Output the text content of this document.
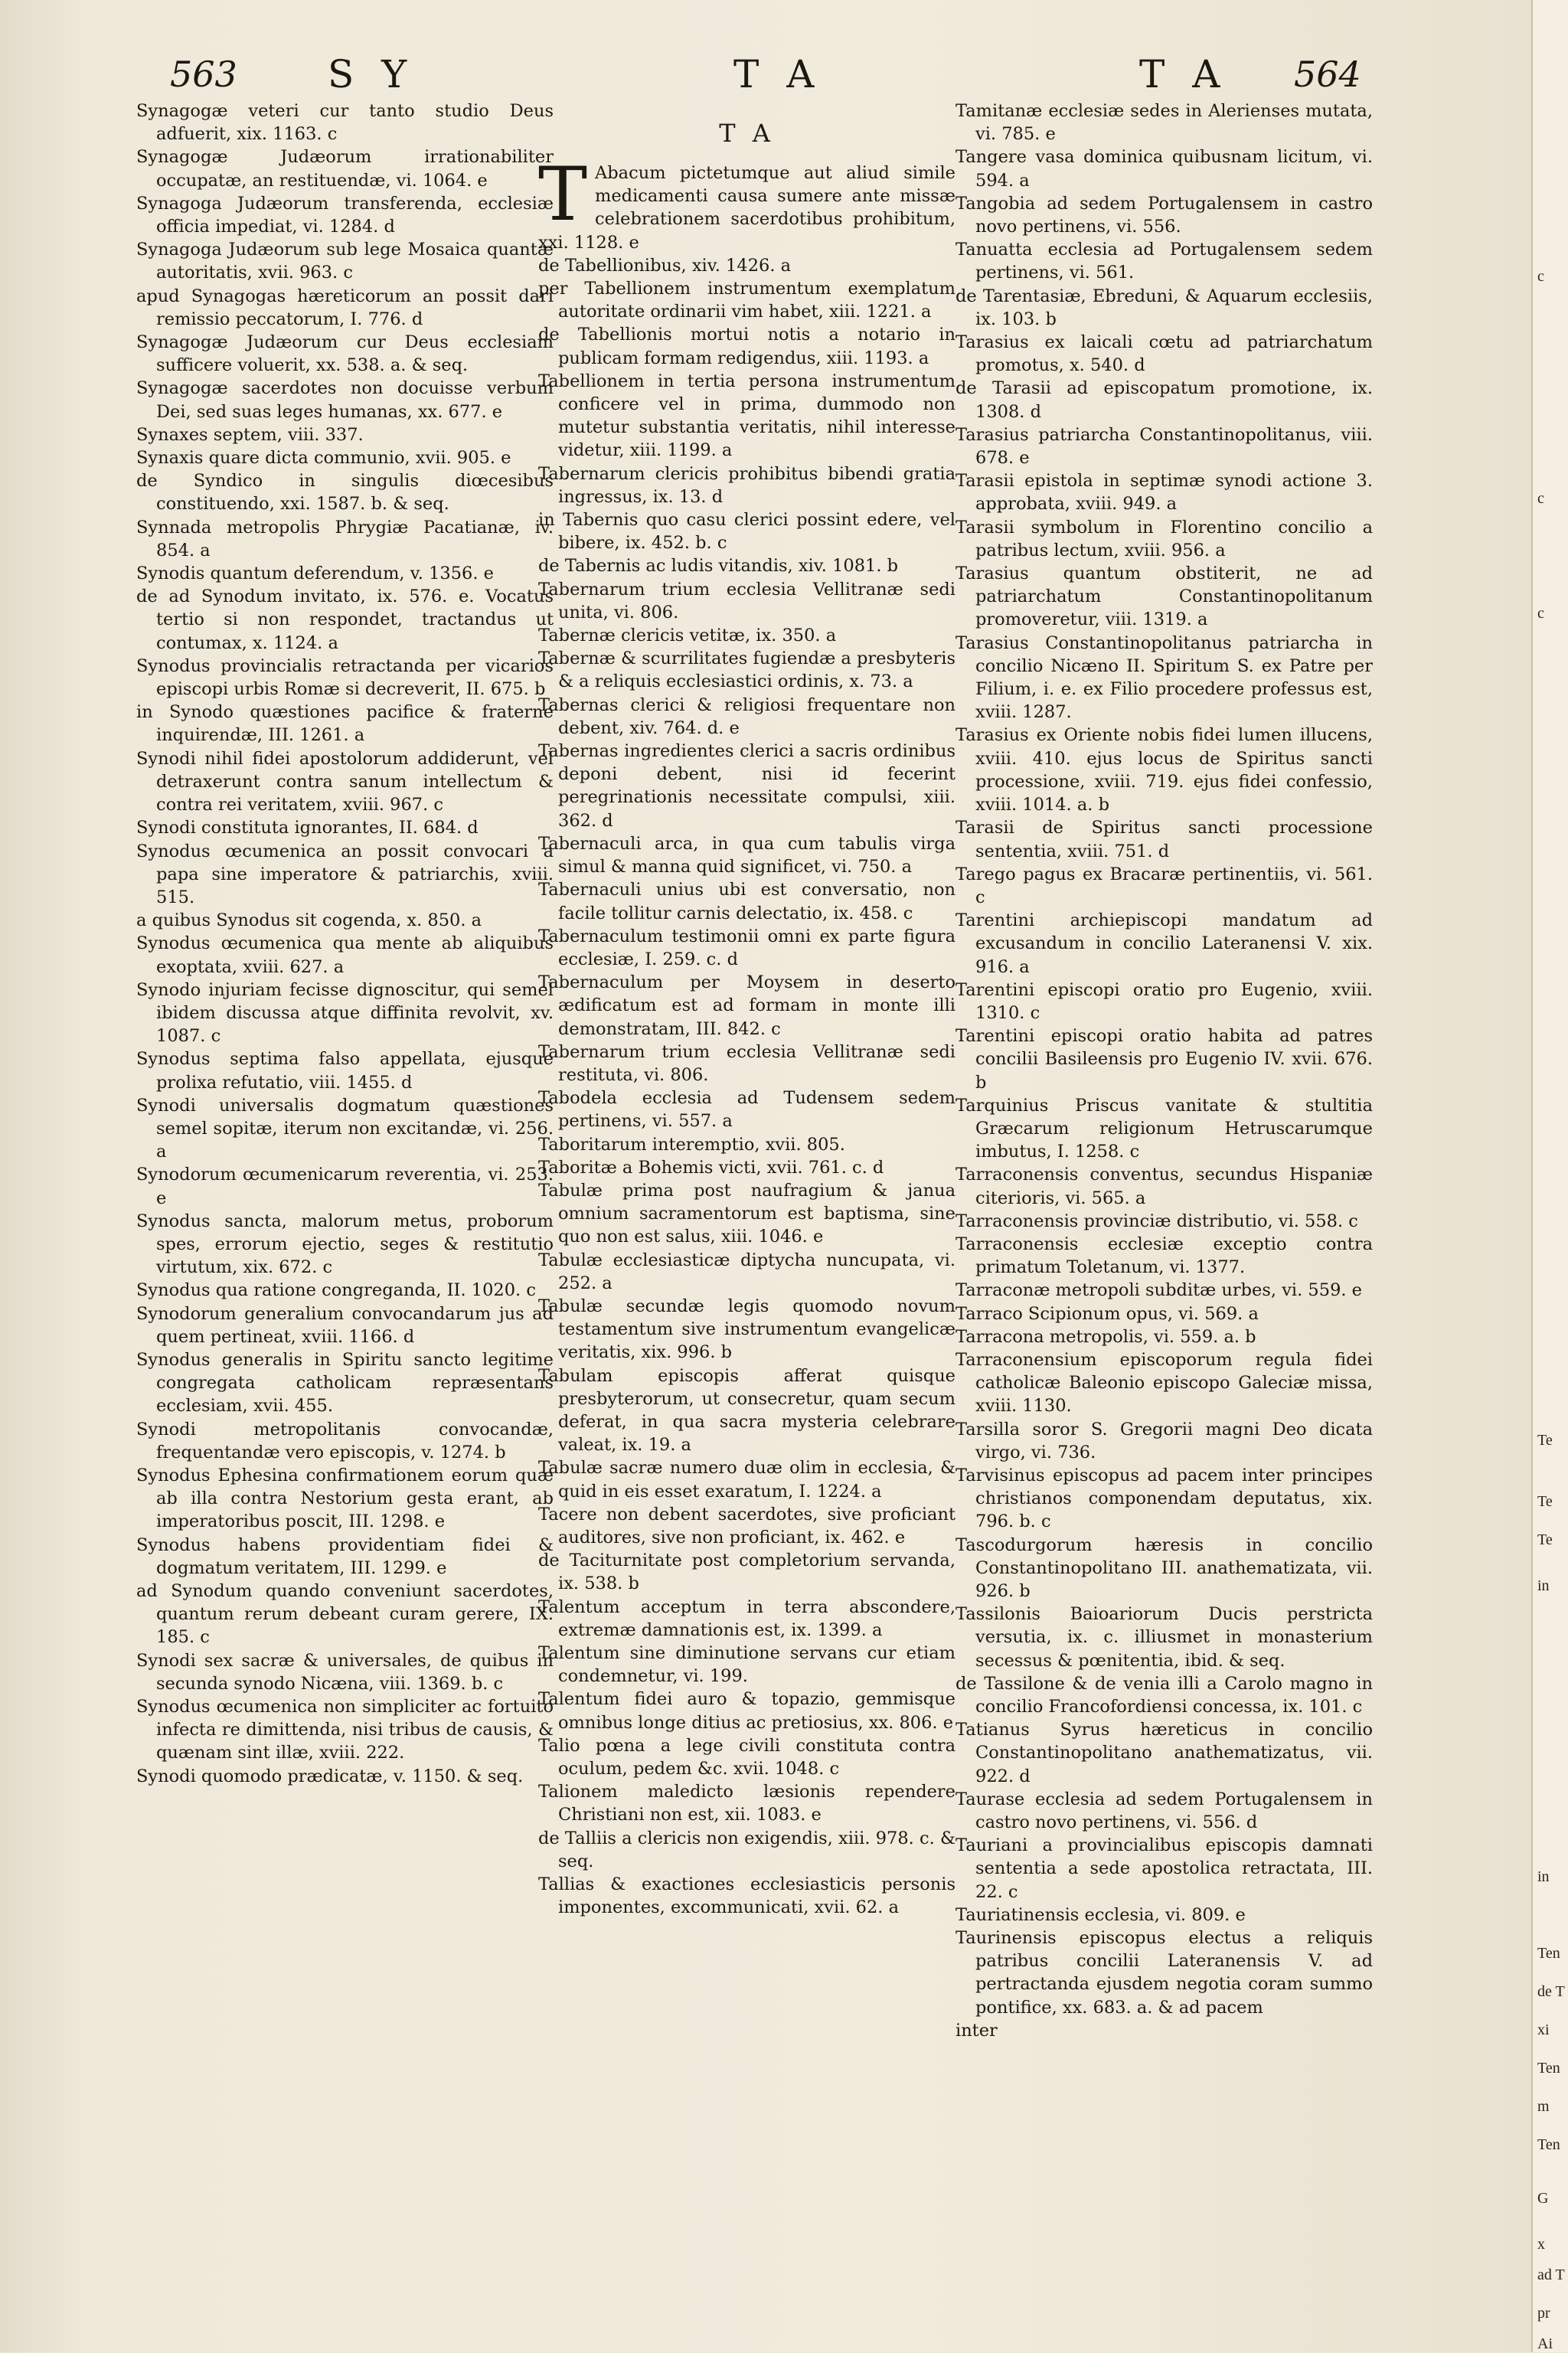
563 S Y	T A	T A 564
Synagogæ veteri cur tanto studio Deus adfuerit, xix. 1163. c
Synagogæ Judæorum irrationabiliter occupatæ, an restituendæ, vi. 1064. e
Synagoga Judæorum transferenda, ecclesiæ officia impediat, vi. 1284. d
Synagoga Judæorum sub lege Mosaica quantæ autoritatis, xvii. 963. c
apud Synagogas hæreticorum an possit dari remissio peccatorum, I. 776. d
Synagogæ Judæorum cur Deus ecclesiam sufficere voluerit, xx. 538. a. & seq.
Synagogæ sacerdotes non docuisse verbum Dei, sed suas leges humanas, xx. 677. e
Synaxes septem, viii. 337.
Synaxis quare dicta communio, xvii. 905. e
de Syndico in singulis diœcesibus constituendo, xxi. 1587. b. & seq.
Synnada metropolis Phrygiæ Pacatianæ, iv. 854. a
Synodis quantum deferendum, v. 1356. e
de ad Synodum invitato, ix. 576. e. Vocatus tertio si non respondet, tractandus ut contumax, x. 1124. a
Synodus provincialis retractanda per vicarios episcopi urbis Romæ si decreverit, II. 675. b
in Synodo quæstiones pacifice & fraterne inquirendæ, III. 1261. a
Synodi nihil fidei apostolorum addiderunt, vel detraxerunt contra sanum intellectum & contra rei veritatem, xviii. 967. c
Synodi constituta ignorantes, II. 684. d
Synodus œcumenica an possit convocari a papa sine imperatore & patriarchis, xviii. 515.
a quibus Synodus sit cogenda, x. 850. a
Synodus œcumenica qua mente ab aliquibus exoptata, xviii. 627. a
Synodo injuriam fecisse dignoscitur, qui semel ibidem discussa atque diffinita revolvit, xv. 1087. c
Synodus septima falso appellata, ejusque prolixa refutatio, viii. 1455. d
Synodi universalis dogmatum quæstiones semel sopitæ, iterum non excitandæ, vi. 256. a
Synodorum œcumenicarum reverentia, vi. 253. e
Synodus sancta, malorum metus, proborum spes, errorum ejectio, seges & restitutio virtutum, xix. 672. c
Synodus qua ratione congreganda, II. 1020. c
Synodorum generalium convocandarum jus ad quem pertineat, xviii. 1166. d
Synodus generalis in Spiritu sancto legitime congregata catholicam repræsentans ecclesiam, xvii. 455.
Synodi metropolitanis convocandæ, frequentandæ vero episcopis, v. 1274. b
Synodus Ephesina confirmationem eorum quæ ab illa contra Nestorium gesta erant, ab imperatoribus poscit, III. 1298. e
Synodus habens providentiam fidei & dogmatum veritatem, III. 1299. e
ad Synodum quando conveniunt sacerdotes, quantum rerum debeant curam gerere, IX. 185. c
Synodi sex sacræ & universales, de quibus in secunda synodo Nicæna, viii. 1369. b. c
Synodus œcumenica non simpliciter ac fortuito infecta re dimittenda, nisi tribus de causis, & quænam sint illæ, xviii. 222.
Synodi quomodo prædicatæ, v. 1150. & seq.
T A
T Abacum pictetumque aut aliud simile medicamenti causa sumere ante missæ celebrationem sacerdotibus prohibitum, xxi. 1128. e
de Tabellionibus, xiv. 1426. a
per Tabellionem instrumentum exemplatum autoritate ordinarii vim habet, xiii. 1221. a
de Tabellionis mortui notis a notario in publicam formam redigendus, xiii. 1193. a
Tabellionem in tertia persona instrumentum conficere vel in prima, dummodo non mutetur substantia veritatis, nihil interesse videtur, xiii. 1199. a
Tabernarum clericis prohibitus bibendi gratia ingressus, ix. 13. d
in Tabernis quo casu clerici possint edere, vel bibere, ix. 452. b. c
de Tabernis ac ludis vitandis, xiv. 1081. b
Tabernarum trium ecclesia Vellitranæ sedi unita, vi. 806.
Tabernæ clericis vetitæ, ix. 350. a
Tabernæ & scurrilitates fugiendæ a presbyteris & a reliquis ecclesiastici ordinis, x. 73. a
Tabernas clerici & religiosi frequentare non debent, xiv. 764. d. e
Tabernas ingredientes clerici a sacris ordinibus deponi debent, nisi id fecerint peregrinationis necessitate compulsi, xiii. 362. d
Tabernaculi arca, in qua cum tabulis virga simul & manna quid significet, vi. 750. a
Tabernaculi unius ubi est conversatio, non facile tollitur carnis delectatio, ix. 458. c
Tabernaculum testimonii omni ex parte figura ecclesiæ, I. 259. c. d
Tabernaculum per Moysem in deserto ædificatum est ad formam in monte illi demonstratam, III. 842. c
Tabernarum trium ecclesia Vellitranæ sedi restituta, vi. 806.
Tabodela ecclesia ad Tudensem sedem pertinens, vi. 557. a
Taboritarum interemptio, xvii. 805.
Taboritæ a Bohemis victi, xvii. 761. c. d
Tabulæ prima post naufragium & janua omnium sacramentorum est baptisma, sine quo non est salus, xiii. 1046. e
Tabulæ ecclesiasticæ diptycha nuncupata, vi. 252. a
Tabulæ secundæ legis quomodo novum testamentum sive instrumentum evangelicæ veritatis, xix. 996. b
Tabulam episcopis afferat quisque presbyterorum, ut consecretur, quam secum deferat, in qua sacra mysteria celebrare valeat, ix. 19. a
Tabulæ sacræ numero duæ olim in ecclesia, & quid in eis esset exaratum, I. 1224. a
Tacere non debent sacerdotes, sive proficiant auditores, sive non proficiant, ix. 462. e
de Taciturnitate post completorium servanda, ix. 538. b
Talentum acceptum in terra abscondere, extremæ damnationis est, ix. 1399. a
Talentum sine diminutione servans cur etiam condemnetur, vi. 199.
Talentum fidei auro & topazio, gemmisque omnibus longe ditius ac pretiosius, xx. 806. e
Talio pœna a lege civili constituta contra oculum, pedem &c. xvii. 1048. c
Talionem maledicto læsionis rependere Christiani non est, xii. 1083. e
de Talliis a clericis non exigendis, xiii. 978. c. & seq.
Tallias & exactiones ecclesiasticis personis imponentes, excommunicati, xvii. 62. a
Tamitanæ ecclesiæ sedes in Alerienses mutata, vi. 785. e
Tangere vasa dominica quibusnam licitum, vi. 594. a
Tangobia ad sedem Portugalensem in castro novo pertinens, vi. 556.
Tanuatta ecclesia ad Portugalensem sedem pertinens, vi. 561.
de Tarentasiæ, Ebreduni, & Aquarum ecclesiis, ix. 103. b
Tarasius ex laicali cœtu ad patriarchatum promotus, x. 540. d
de Tarasii ad episcopatum promotione, ix. 1308. d
Tarasius patriarcha Constantinopolitanus, viii. 678. e
Tarasii epistola in septimæ synodi actione 3. approbata, xviii. 949. a
Tarasii symbolum in Florentino concilio a patribus lectum, xviii. 956. a
Tarasius quantum obstiterit, ne ad patriarchatum Constantinopolitanum promoveretur, viii. 1319. a
Tarasius Constantinopolitanus patriarcha in concilio Nicæno II. Spiritum S. ex Patre per Filium, i. e. ex Filio procedere professus est, xviii. 1287.
Tarasius ex Oriente nobis fidei lumen illucens, xviii. 410. ejus locus de Spiritus sancti processione, xviii. 719. ejus fidei confessio, xviii. 1014. a. b
Tarasii de Spiritus sancti processione sententia, xviii. 751. d
Tarego pagus ex Bracaræ pertinentiis, vi. 561. c
Tarentini archiepiscopi mandatum ad excusandum in concilio Lateranensi V. xix. 916. a
Tarentini episcopi oratio pro Eugenio, xviii. 1310. c
Tarentini episcopi oratio habita ad patres concilii Basileensis pro Eugenio IV. xvii. 676. b
Tarquinius Priscus vanitate & stultitia Græcarum religionum Hetruscarumque imbutus, I. 1258. c
Tarraconensis conventus, secundus Hispaniæ citerioris, vi. 565. a
Tarraconensis provinciæ distributio, vi. 558. c
Tarraconensis ecclesiæ exceptio contra primatum Toletanum, vi. 1377.
Tarraconæ metropoli subditæ urbes, vi. 559. e
Tarraco Scipionum opus, vi. 569. a
Tarracona metropolis, vi. 559. a. b
Tarraconensium episcoporum regula fidei catholicæ Baleonio episcopo Galeciæ missa, xviii. 1130.
Tarsilla soror S. Gregorii magni Deo dicata virgo, vi. 736.
Tarvisinus episcopus ad pacem inter principes christianos componendam deputatus, xix. 796. b. c
Tascodurgorum hæresis in concilio Constantinopolitano III. anathematizata, vii. 926. b
Tassilonis Baioariorum Ducis perstricta versutia, ix. c. illiusmet in monasterium secessus & pœnitentia, ibid. & seq.
de Tassilone & de venia illi a Carolo magno in concilio Francofordiensi concessa, ix. 101. c
Tatianus Syrus hæreticus in concilio Constantinopolitano anathematizatus, vii. 922. d
Taurase ecclesia ad sedem Portugalensem in castro novo pertinens, vi. 556. d
Tauriani a provincialibus episcopis damnati sententia a sede apostolica retractata, III. 22. c
Tauriatinensis ecclesia, vi. 809. e
Taurinensis episcopus electus a reliquis patribus concilii Lateranensis V. ad pertractanda ejusdem negotia coram summo pontifice, xx. 683. a. & ad pacem
inter
c
c
c
Te
Te
Te
in
in
Ten
de T
xi
Ten
m
Ten
G
x
ad T
pr
Ai
